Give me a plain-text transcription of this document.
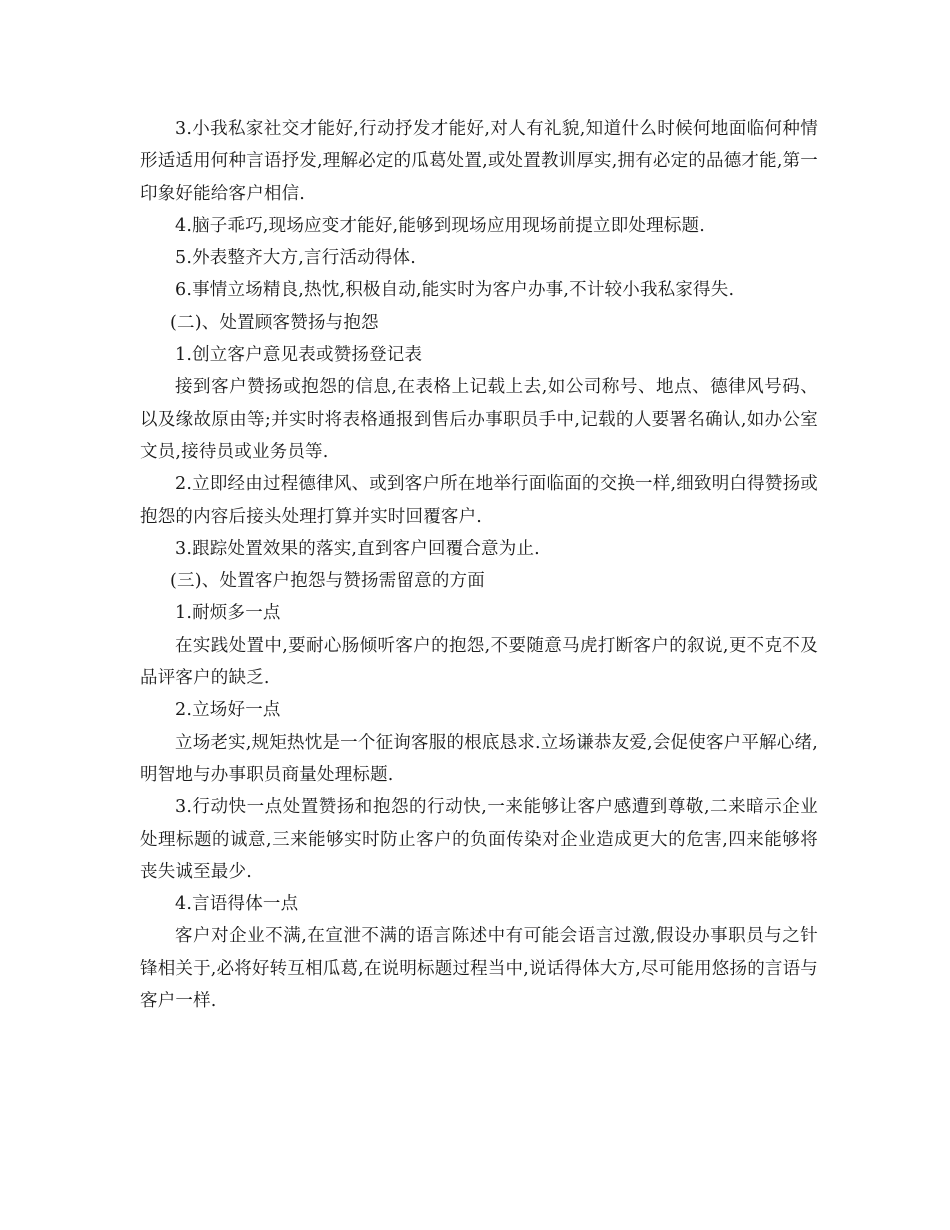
3.小我私家社交才能好,行动抒发才能好,对人有礼貌,知道什么时候何地面临何种情形适适用何种言语抒发,理解必定的瓜葛处置,或处置教训厚实,拥有必定的品德才能,第一印象好能给客户相信.

4.脑子乖巧,现场应变才能好,能够到现场应用现场前提立即处理标题.

5.外表整齐大方,言行活动得体.

6.事情立场精良,热忱,积极自动,能实时为客户办事,不计较小我私家得失.

(二)、处置顾客赞扬与抱怨

1.创立客户意见表或赞扬登记表

接到客户赞扬或抱怨的信息,在表格上记载上去,如公司称号、地点、德律风号码、以及缘故原由等;并实时将表格通报到售后办事职员手中,记载的人要署名确认,如办公室文员,接待员或业务员等.

2.立即经由过程德律风、或到客户所在地举行面临面的交换一样,细致明白得赞扬或抱怨的内容后接头处理打算并实时回覆客户.

3.跟踪处置效果的落实,直到客户回覆合意为止.

(三)、处置客户抱怨与赞扬需留意的方面

1.耐烦多一点

在实践处置中,要耐心肠倾听客户的抱怨,不要随意马虎打断客户的叙说,更不克不及品评客户的缺乏.

2.立场好一点

立场老实,规矩热忱是一个征询客服的根底恳求.立场谦恭友爱,会促使客户平解心绪,明智地与办事职员商量处理标题.

3.行动快一点处置赞扬和抱怨的行动快,一来能够让客户感遭到尊敬,二来暗示企业处理标题的诚意,三来能够实时防止客户的负面传染对企业造成更大的危害,四来能够将丧失诚至最少.

4.言语得体一点

客户对企业不满,在宣泄不满的语言陈述中有可能会语言过激,假设办事职员与之针锋相关于,必将好转互相瓜葛,在说明标题过程当中,说话得体大方,尽可能用悠扬的言语与客户一样.
